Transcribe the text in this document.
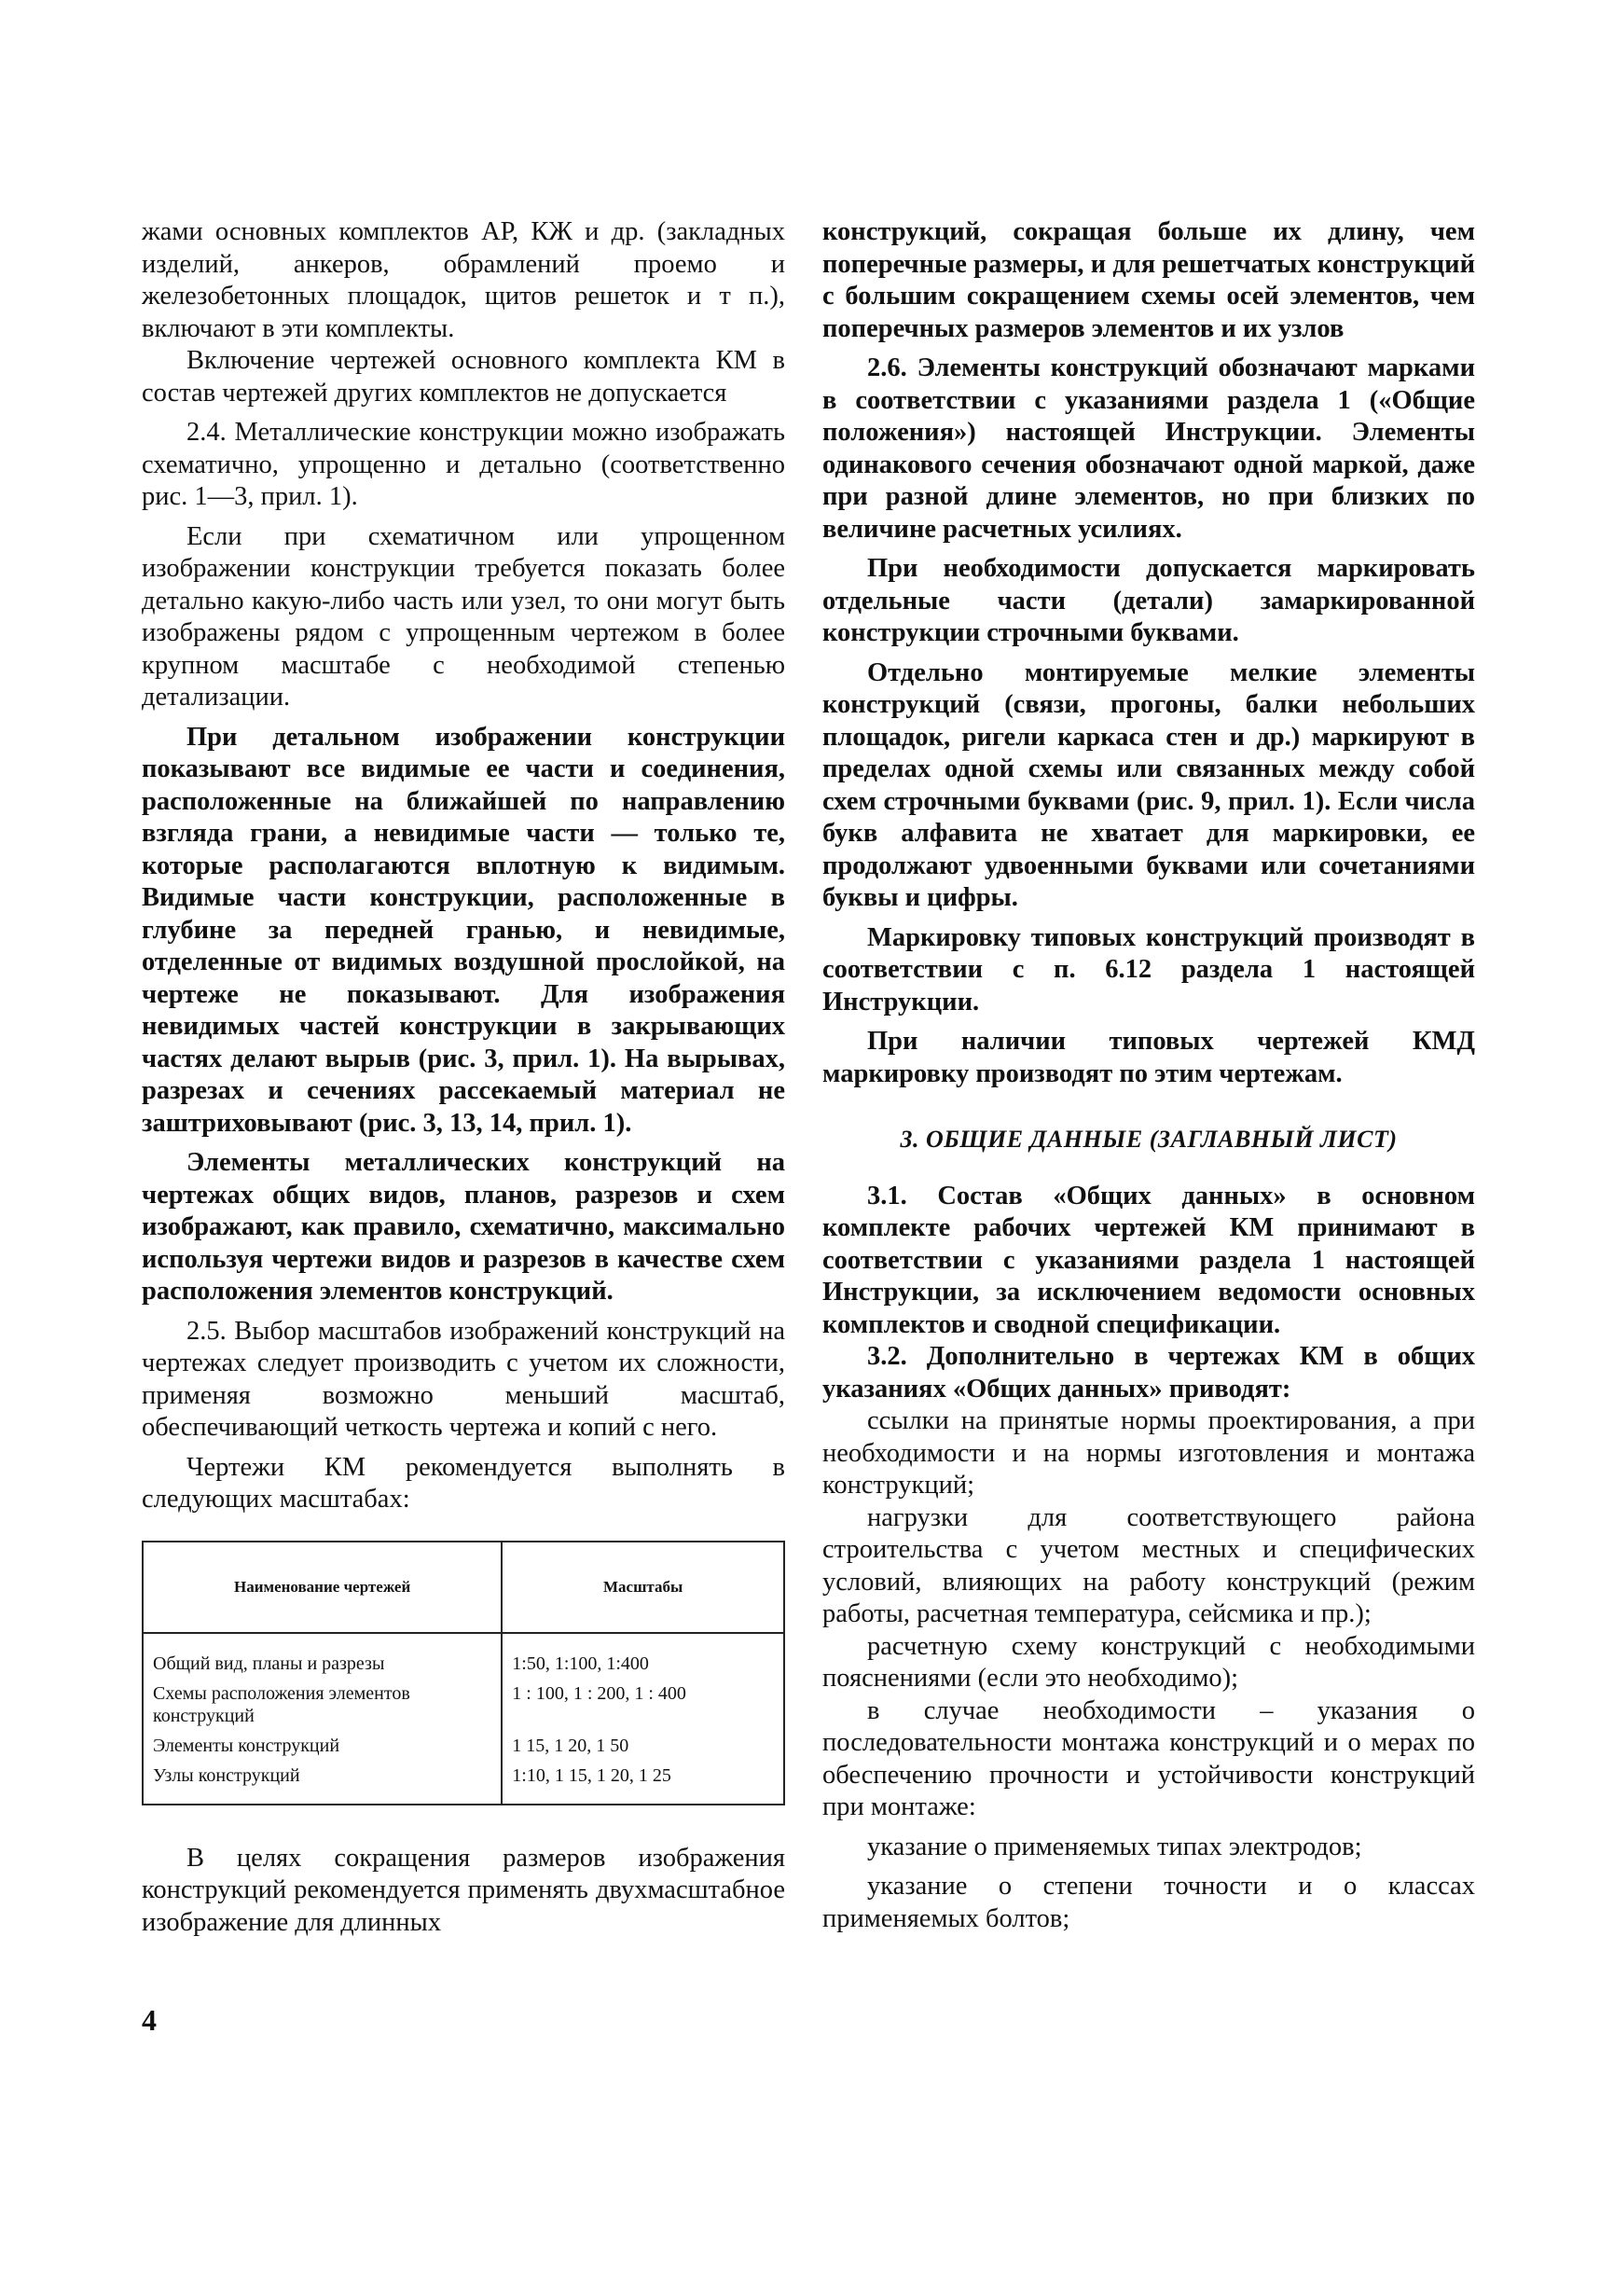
жами основных комплектов АР, КЖ и др. (закладных изделий, анкеров, обрамлений проемо и железобетонных площадок, щитов решеток и т п.), включают в эти комплекты.

Включение чертежей основного комплекта КМ в состав чертежей других комплектов не допускается

2.4. Металлические конструкции можно изображать схематично, упрощенно и детально (соответственно рис. 1—3, прил. 1).

Если при схематичном или упрощенном изображении конструкции требуется показать более детально какую-либо часть или узел, то они могут быть изображены рядом с упрощенным чертежом в более крупном масштабе с необходимой степенью детализации.

При детальном изображении конструкции показывают все видимые ее части и соединения, расположенные на ближайшей по направлению взгляда грани, а невидимые части — только те, которые располагаются вплотную к видимым. Видимые части конструкции, расположенные в глубине за передней гранью, и невидимые, отделенные от видимых воздушной прослойкой, на чертеже не показывают. Для изображения невидимых частей конструкции в закрывающих частях делают вырыв (рис. 3, прил. 1). На вырывах, разрезах и сечениях рассекаемый материал не заштриховывают (рис. 3, 13, 14, прил. 1).

Элементы металлических конструкций на чертежах общих видов, планов, разрезов и схем изображают, как правило, схематично, максимально используя чертежи видов и разрезов в качестве схем расположения элементов конструкций.

2.5. Выбор масштабов изображений конструкций на чертежах следует производить с учетом их сложности, применяя возможно меньший масштаб, обеспечивающий четкость чертежа и копий с него.

Чертежи КМ рекомендуется выполнять в следующих масштабах:

Наименование чертежей	Масштабы
Общий вид, планы и разрезы	1:50, 1:100, 1:400
Схемы расположения элементов конструкций	1 : 100, 1 : 200, 1 : 400
Элементы конструкций	1 15, 1 20, 1 50
Узлы конструкций	1:10, 1 15, 1 20, 1 25

В целях сокращения размеров изображения конструкций рекомендуется применять двухмасштабное изображение для длинных

конструкций, сокращая больше их длину, чем поперечные размеры, и для решетчатых конструкций с большим сокращением схемы осей элементов, чем поперечных размеров элементов и их узлов

2.6. Элементы конструкций обозначают марками в соответствии с указаниями раздела 1 («Общие положения») настоящей Инструкции. Элементы одинакового сечения обозначают одной маркой, даже при разной длине элементов, но при близких по величине расчетных усилиях.

При необходимости допускается маркировать отдельные части (детали) замаркированной конструкции строчными буквами.

Отдельно монтируемые мелкие элементы конструкций (связи, прогоны, балки небольших площадок, ригели каркаса стен и др.) маркируют в пределах одной схемы или связанных между собой схем строчными буквами (рис. 9, прил. 1). Если числа букв алфавита не хватает для маркировки, ее продолжают удвоенными буквами или сочетаниями буквы и цифры.

Маркировку типовых конструкций производят в соответствии с п. 6.12 раздела 1 настоящей Инструкции.

При наличии типовых чертежей КМД маркировку производят по этим чертежам.

3. ОБЩИЕ ДАННЫЕ (ЗАГЛАВНЫЙ ЛИСТ)

3.1. Состав «Общих данных» в основном комплекте рабочих чертежей КМ принимают в соответствии с указаниями раздела 1 настоящей Инструкции, за исключением ведомости основных комплектов и сводной спецификации.

3.2. Дополнительно в чертежах КМ в общих указаниях «Общих данных» приводят:

ссылки на принятые нормы проектирования, а при необходимости и на нормы изготовления и монтажа конструкций;

нагрузки для соответствующего района строительства с учетом местных и специфических условий, влияющих на работу конструкций (режим работы, расчетная температура, сейсмика и пр.);

расчетную схему конструкций с необходимыми пояснениями (если это необходимо);

в случае необходимости – указания о последовательности монтажа конструкций и о мерах по обеспечению прочности и устойчивости конструкций при монтаже:

указание о применяемых типах электродов;

указание о степени точности и о классах применяемых болтов;

4
